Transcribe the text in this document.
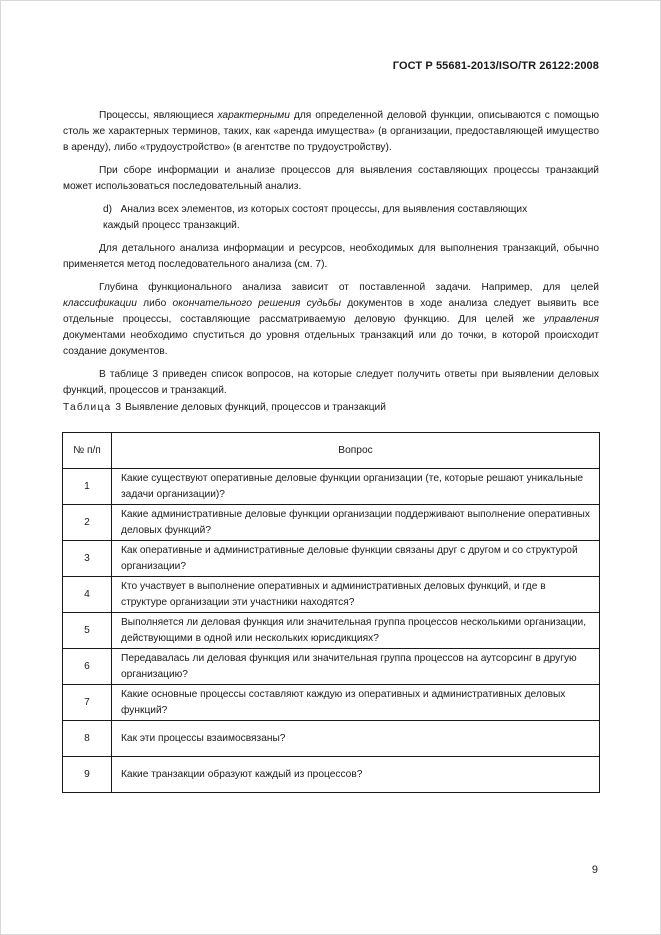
ГОСТ Р 55681-2013/ISO/TR 26122:2008

Процессы, являющиеся характерными для определенной деловой функции, описываются с помощью столь же характерных терминов, таких, как «аренда имущества» (в организации, предоставляющей имущество в аренду), либо «трудоустройство» (в агентстве по трудоустройству).

При сборе информации и анализе процессов для выявления составляющих процессы транзакций может использоваться последовательный анализ.

d) Анализ всех элементов, из которых состоят процессы, для выявления составляющих
каждый процесс транзакций.

Для детального анализа информации и ресурсов, необходимых для выполнения транзакций, обычно применяется метод последовательного анализа (см. 7).

Глубина функционального анализа зависит от поставленной задачи. Например, для целей классификации либо окончательного решения судьбы документов в ходе анализа следует выявить все отдельные процессы, составляющие рассматриваемую деловую функцию. Для целей же управления документами необходимо спуститься до уровня отдельных транзакций или до точки, в которой происходит создание документов.

В таблице 3 приведен список вопросов, на которые следует получить ответы при выявлении деловых функций, процессов и транзакций.

Таблица 3 Выявление деловых функций, процессов и транзакций
№ п/п	Вопрос
1	Какие существуют оперативные деловые функции организации (те, которые решают уникальные задачи организации)?
2	Какие административные деловые функции организации поддерживают выполнение оперативных деловых функций?
3	Как оперативные и административные деловые функции связаны друг с другом и со структурой организации?
4	Кто участвует в выполнение оперативных и административных деловых функций, и где в структуре организации эти участники находятся?
5	Выполняется ли деловая функция или значительная группа процессов несколькими организации, действующими в одной или нескольких юрисдикциях?
6	Передавалась ли деловая функция или значительная группа процессов на аутсорсинг в другую организацию?
7	Какие основные процессы составляют каждую из оперативных и административных деловых функций?
8	Как эти процессы взаимосвязаны?
9	Какие транзакции образуют каждый из процессов?
9
